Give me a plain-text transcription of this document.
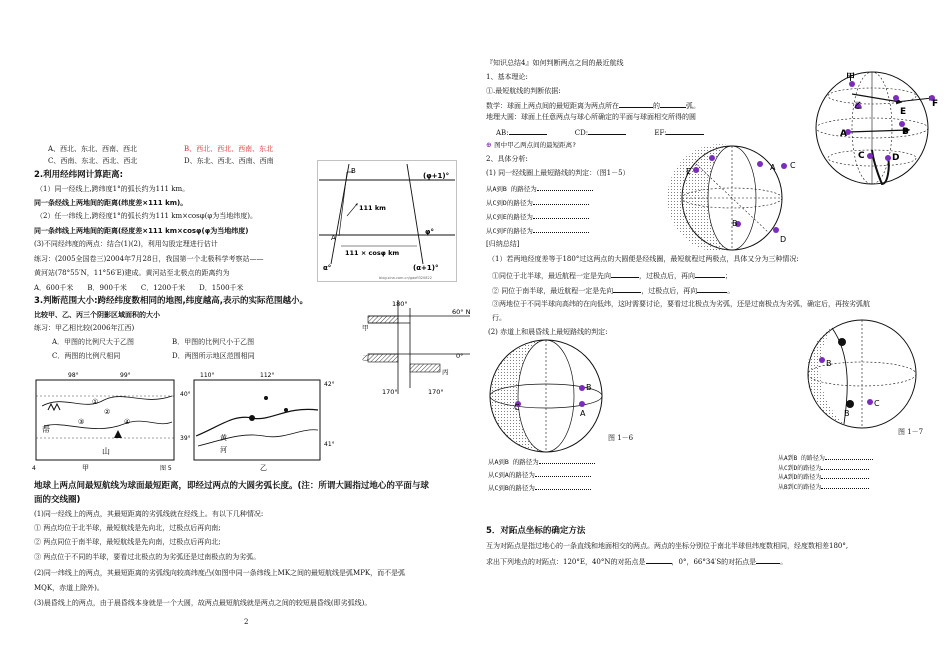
A、西北、东北、西南、西北	B、西北、西北、西南、东北
C、西南、东北、西北、西北	D、东北、西北、西南、西南
2.利用经纬网计算距离:
（1）同一经线上,跨纬度1°的弧长约为111 km。
同一条经线上两地间的距离(纬度差×111 km)。
（2）任一纬线上,跨经度1°的弧长约为111 km×cosφ(φ为当地纬度)。
同一条纬线上两地间的距离(经度差×111 km×cosφ(φ为当地纬度)
(3)不同经纬度的两点：结合(1)(2)，利用勾股定理进行估计
练习：(2005全国卷三)2004年7月28日，我国第一个北极科学考察站——
黄河站(78°55′N，11°56′E)建成。黄河站至北极点的距离约为
A．600千米　　B．900千米　　C．1200千米　　D．1500千米
B
A
(φ+1)°
φ°
111 km
111 × cosφ km
α°	(α+1)°
blog.sina.com.cn/gaofl320822
3.判断范围大小:跨经纬度数相同的地图,纬度越高,表示的实际范围越小。
比较甲、乙、丙三个阴影区域面积的大小
练习：甲乙相比较(2006年江西)
A．甲图的比例尺大于乙图	B．甲图的比例尺小于乙图
C．两图的比例尺相同	D．两图所示地区范围相同
180°
60° N
0°
甲
乙
丙
170°	170°
98°	99°
40°
39°
①
②
③	④
帮
山
甲
4
110°	112°
42°
41°
黄
河
乙
图 5
地球上两点间最短航线为球面最短距离，即经过两点的大圆劣弧长度。(注：所谓大圆指过地心的平面与球
面的交线圈)
(1)同一经线上的两点，其最短距离的劣弧线就在经线上。有以下几种情况:
① 两点均位于北半球，最短航线是先向北，过极点后再向南;
② 两点同位于南半球，最短航线是先向南，过极点后再向北;
③ 两点位于不同的半球，要看过北极点的为劣弧还是过南极点的为劣弧。
(2)同一纬线上的两点，其最短距离的劣弧线向较高纬度凸(如图中同一条纬线上MK之间的最短航线是弧MPK，而不是弧
MQK，赤道上除外)。
(3)晨昏线上的两点，由于晨昏线本身就是一个大圆，故两点最短航线就是两点之间的较短晨昏线(即劣弧线)。
2
『知识总结4』如何判断两点之间的最近航线
1、基本理论:
①.最短航线的判断依据:
数学：球面上两点间的最短距离为两点所在	的	弧。
地理大圆：球面上任意两点与球心所确定的平面与球面相交所得的圆
AB:	CD:	EF:
⊕ 图中甲乙两点间的最短距离?
2、具体分析:
(1) 同一经线圈上最短路线的判定：（图1－5）
从A到B 的路径为
从C到D的路径为
从C到E的路径为
从C到F的路径为
[归纳总结]
（1）若两地经度差等于180°过这两点的大圆便是经线圈，最短航程过两极点，具体又分为三种情况:
①同位于北半球，最近航程一定是先向	，过极点后，再向	；
② 同位于南半球，最近航程一定是先向	，过极点后，再向	。
③两地位于不同半球向高纬的在向低纬，这时需要讨论，要看过北极点为劣弧，还是过南极点为劣弧，确定后，再按劣弧航
行。
(2) 赤道上和晨昏线上最短路线的判定:
甲
乙
A	B
C	D
E
F
A C
E
B
D
B
C
A
图 1－6
C
B
B
图 1－7
从A到B 的路径为
从C到A的路径为
从C到B的路径为
从A到B 的路径为
从C到D的路径为
从A到D的路径为
从B到C的路径为
5．对跖点坐标的确定方法
互为对跖点是指过地心的一条直线和地面相交的两点。两点的坐标分别位于南北半球但纬度数相同，经度数相差180°,
求出下列地点的对跖点：120°E，40°N的对拓点是	，0°，66°34′S的对拓点是	。
